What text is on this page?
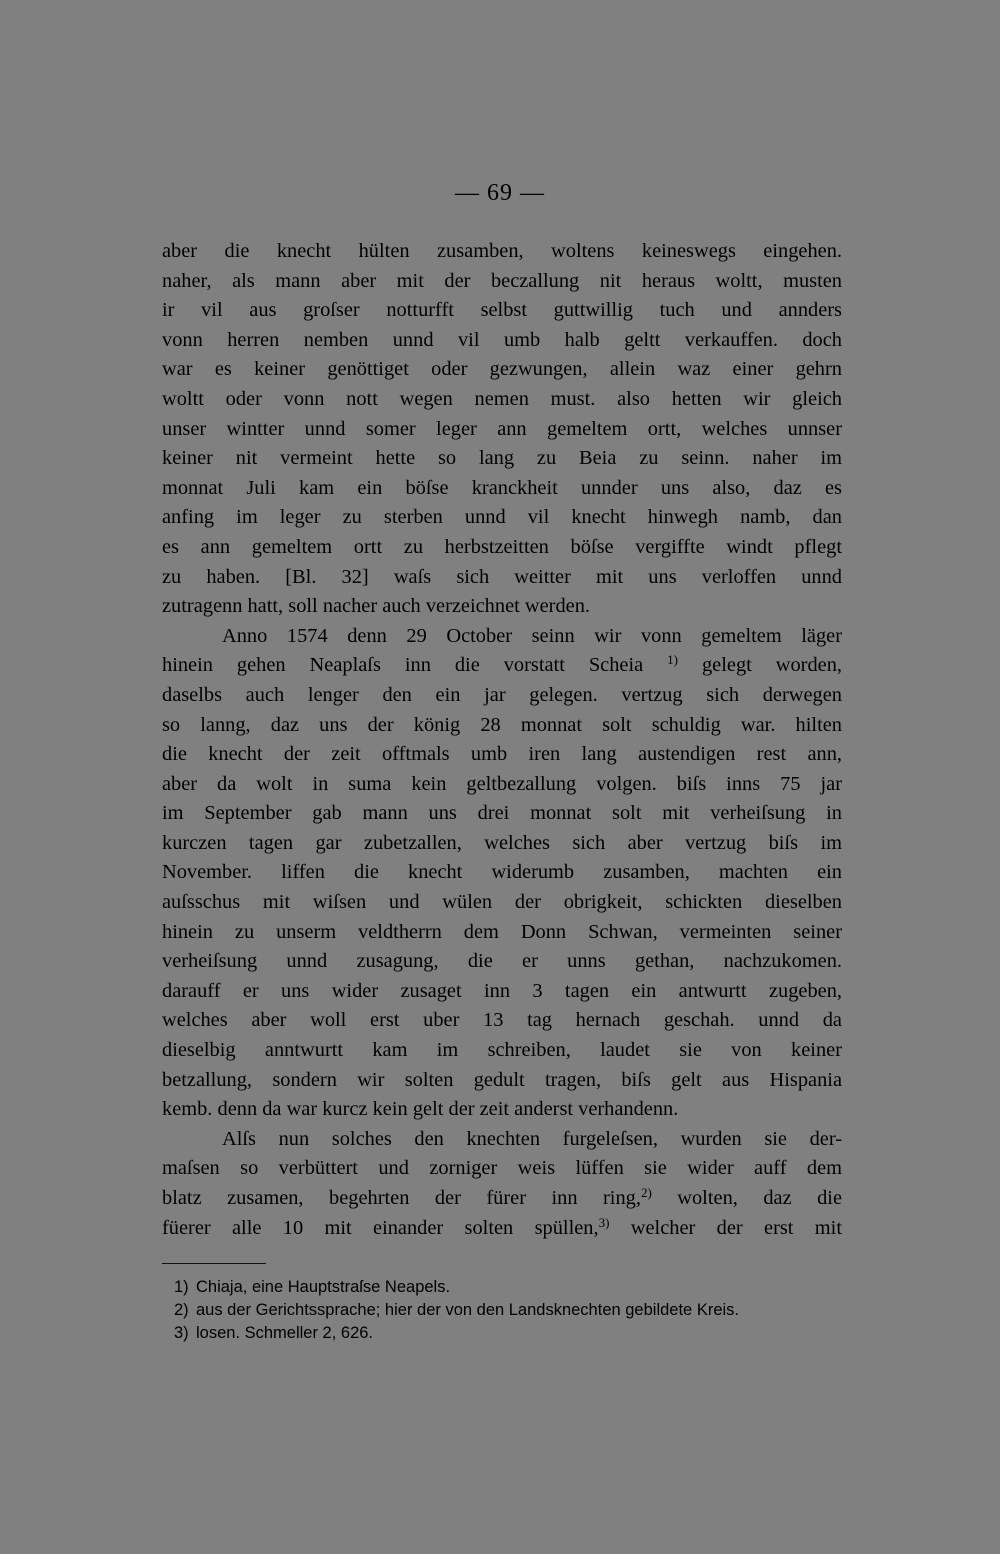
— 69 —
aber die knecht hülten zusamben, woltens keineswegs eingehen.
naher, als mann aber mit der beczallung nit heraus woltt, musten
ir vil aus groſser notturfft selbst guttwillig tuch und annders
vonn herren nemben unnd vil umb halb geltt verkauffen. doch
war es keiner genöttiget oder gezwungen, allein waz einer gehrn
woltt oder vonn nott wegen nemen must. also hetten wir gleich
unser wintter unnd somer leger ann gemeltem ortt, welches unnser
keiner nit vermeint hette so lang zu Beia zu seinn. naher im
monnat Juli kam ein böſse kranckheit unnder uns also, daz es
anfing im leger zu sterben unnd vil knecht hinwegh namb, dan
es ann gemeltem ortt zu herbstzeitten böſse vergiffte windt pflegt
zu haben. [Bl. 32] waſs sich weitter mit uns verloffen unnd
zutragenn hatt, soll nacher auch verzeichnet werden.
Anno 1574 denn 29 October seinn wir vonn gemeltem läger
hinein gehen Neaplaſs inn die vorstatt Scheia $^{1)}$ gelegt worden,
daselbs auch lenger den ein jar gelegen. vertzug sich derwegen
so lanng, daz uns der könig 28 monnat solt schuldig war. hilten
die knecht der zeit offtmals umb iren lang austendigen rest ann,
aber da wolt in suma kein geltbezallung volgen. biſs inns 75 jar
im September gab mann uns drei monnat solt mit verheiſsung in
kurczen tagen gar zubetzallen, welches sich aber vertzug biſs im
November. liffen die knecht widerumb zusamben, machten ein
auſsschus mit wiſsen und wülen der obrigkeit, schickten dieselben
hinein zu unserm veldtherrn dem Donn Schwan, vermeinten seiner
verheiſsung unnd zusagung, die er unns gethan, nachzukomen.
darauff er uns wider zusaget inn 3 tagen ein antwurtt zugeben,
welches aber woll erst uber 13 tag hernach geschah. unnd da
dieselbig anntwurtt kam im schreiben, laudet sie von keiner
betzallung, sondern wir solten gedult tragen, biſs gelt aus Hispania
kemb. denn da war kurcz kein gelt der zeit anderst verhandenn.
Alſs nun solches den knechten furgeleſsen, wurden sie der-
maſsen so verbüttert und zorniger weis lüffen sie wider auff dem
blatz zusamen, begehrten der fürer inn ring,$^{2)}$ wolten, daz die
füerer alle 10 mit einander solten spüllen,$^{3)}$ welcher der erst mit
1) Chiaja, eine Hauptstraſse Neapels.
2) aus der Gerichtssprache; hier der von den Landsknechten gebildete Kreis.
3) losen. Schmeller 2, 626.
